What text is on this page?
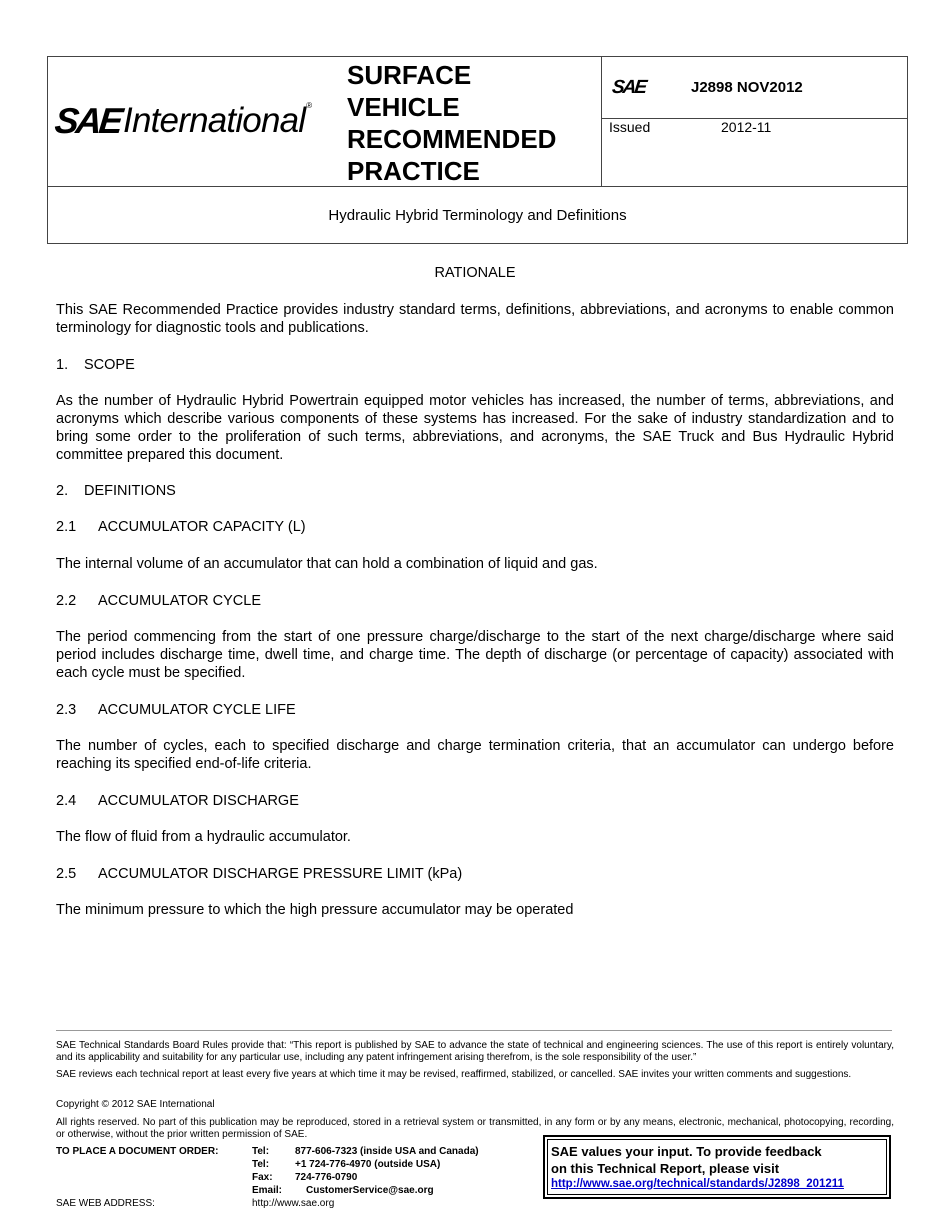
SAE International ®
SURFACE
VEHICLE
RECOMMENDED
PRACTICE
SAE	J2898 NOV2012
Issued	2012-11
Hydraulic Hybrid Terminology and Definitions
RATIONALE
This SAE Recommended Practice provides industry standard terms, definitions, abbreviations, and acronyms to enable common terminology for diagnostic tools and publications.
1. SCOPE
As the number of Hydraulic Hybrid Powertrain equipped motor vehicles has increased, the number of terms, abbreviations, and acronyms which describe various components of these systems has increased. For the sake of industry standardization and to bring some order to the proliferation of such terms, abbreviations, and acronyms, the SAE Truck and Bus Hydraulic Hybrid committee prepared this document.
2. DEFINITIONS
2.1 ACCUMULATOR CAPACITY (L)
The internal volume of an accumulator that can hold a combination of liquid and gas.
2.2 ACCUMULATOR CYCLE
The period commencing from the start of one pressure charge/discharge to the start of the next charge/discharge where said period includes discharge time, dwell time, and charge time. The depth of discharge (or percentage of capacity) associated with each cycle must be specified.
2.3 ACCUMULATOR CYCLE LIFE
The number of cycles, each to specified discharge and charge termination criteria, that an accumulator can undergo before reaching its specified end-of-life criteria.
2.4 ACCUMULATOR DISCHARGE
The flow of fluid from a hydraulic accumulator.
2.5 ACCUMULATOR DISCHARGE PRESSURE LIMIT (kPa)
The minimum pressure to which the high pressure accumulator may be operated
SAE Technical Standards Board Rules provide that: “This report is published by SAE to advance the state of technical and engineering sciences. The use of this report is entirely voluntary, and its applicability and suitability for any particular use, including any patent infringement arising therefrom, is the sole responsibility of the user.”
SAE reviews each technical report at least every five years at which time it may be revised, reaffirmed, stabilized, or cancelled. SAE invites your written comments and suggestions.
Copyright © 2012 SAE International
All rights reserved. No part of this publication may be reproduced, stored in a retrieval system or transmitted, in any form or by any means, electronic, mechanical, photocopying, recording, or otherwise, without the prior written permission of SAE.
TO PLACE A DOCUMENT ORDER:	Tel:	877-606-7323 (inside USA and Canada)
Tel:	+1 724-776-4970 (outside USA)
Fax: 724-776-0790
Email: CustomerService@sae.org
SAE WEB ADDRESS:	http://www.sae.org
SAE values your input. To provide feedback
on this Technical Report, please visit
http://www.sae.org/technical/standards/J2898_201211
